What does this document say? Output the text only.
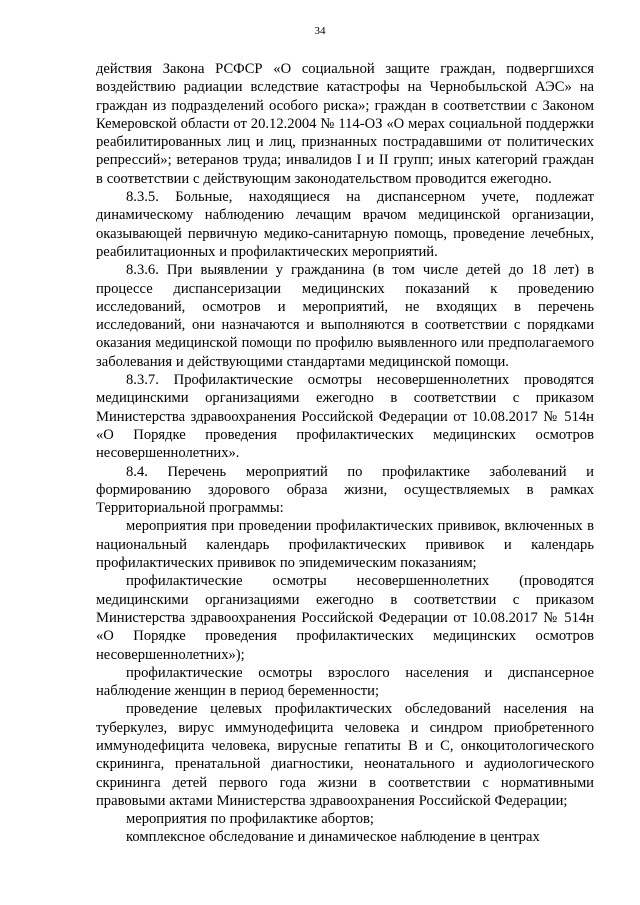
34

действия Закона РСФСР «О социальной защите граждан, подвергшихся воздействию радиации вследствие катастрофы на Чернобыльской АЭС» на граждан из подразделений особого риска»; граждан в соответствии с Законом Кемеровской области от 20.12.2004 № 114-ОЗ «О мерах социальной поддержки реабилитированных лиц и лиц, признанных пострадавшими от политических репрессий»; ветеранов труда; инвалидов I и II групп; иных категорий граждан в соответствии с действующим законодательством проводится ежегодно.

8.3.5. Больные, находящиеся на диспансерном учете, подлежат динамическому наблюдению лечащим врачом медицинской организации, оказывающей первичную медико-санитарную помощь, проведение лечебных, реабилитационных и профилактических мероприятий.

8.3.6. При выявлении у гражданина (в том числе детей до 18 лет) в процессе диспансеризации медицинских показаний к проведению исследований, осмотров и мероприятий, не входящих в перечень исследований, они назначаются и выполняются в соответствии с порядками оказания медицинской помощи по профилю выявленного или предполагаемого заболевания и действующими стандартами медицинской помощи.

8.3.7. Профилактические осмотры несовершеннолетних проводятся медицинскими организациями ежегодно в соответствии с приказом Министерства здравоохранения Российской Федерации от 10.08.2017 № 514н «О Порядке проведения профилактических медицинских осмотров несовершеннолетних».

8.4. Перечень мероприятий по профилактике заболеваний и формированию здорового образа жизни, осуществляемых в рамках Территориальной программы:

мероприятия при проведении профилактических прививок, включенных в национальный календарь профилактических прививок и календарь профилактических прививок по эпидемическим показаниям;

профилактические осмотры несовершеннолетних (проводятся медицинскими организациями ежегодно в соответствии с приказом Министерства здравоохранения Российской Федерации от 10.08.2017 № 514н «О Порядке проведения профилактических медицинских осмотров несовершеннолетних»);

профилактические осмотры взрослого населения и диспансерное наблюдение женщин в период беременности;

проведение целевых профилактических обследований населения на туберкулез, вирус иммунодефицита человека и синдром приобретенного иммунодефицита человека, вирусные гепатиты B и C, онкоцитологического скрининга, пренатальной диагностики, неонатального и аудиологического скрининга детей первого года жизни в соответствии с нормативными правовыми актами Министерства здравоохранения Российской Федерации;

мероприятия по профилактике абортов;

комплексное обследование и динамическое наблюдение в центрах
